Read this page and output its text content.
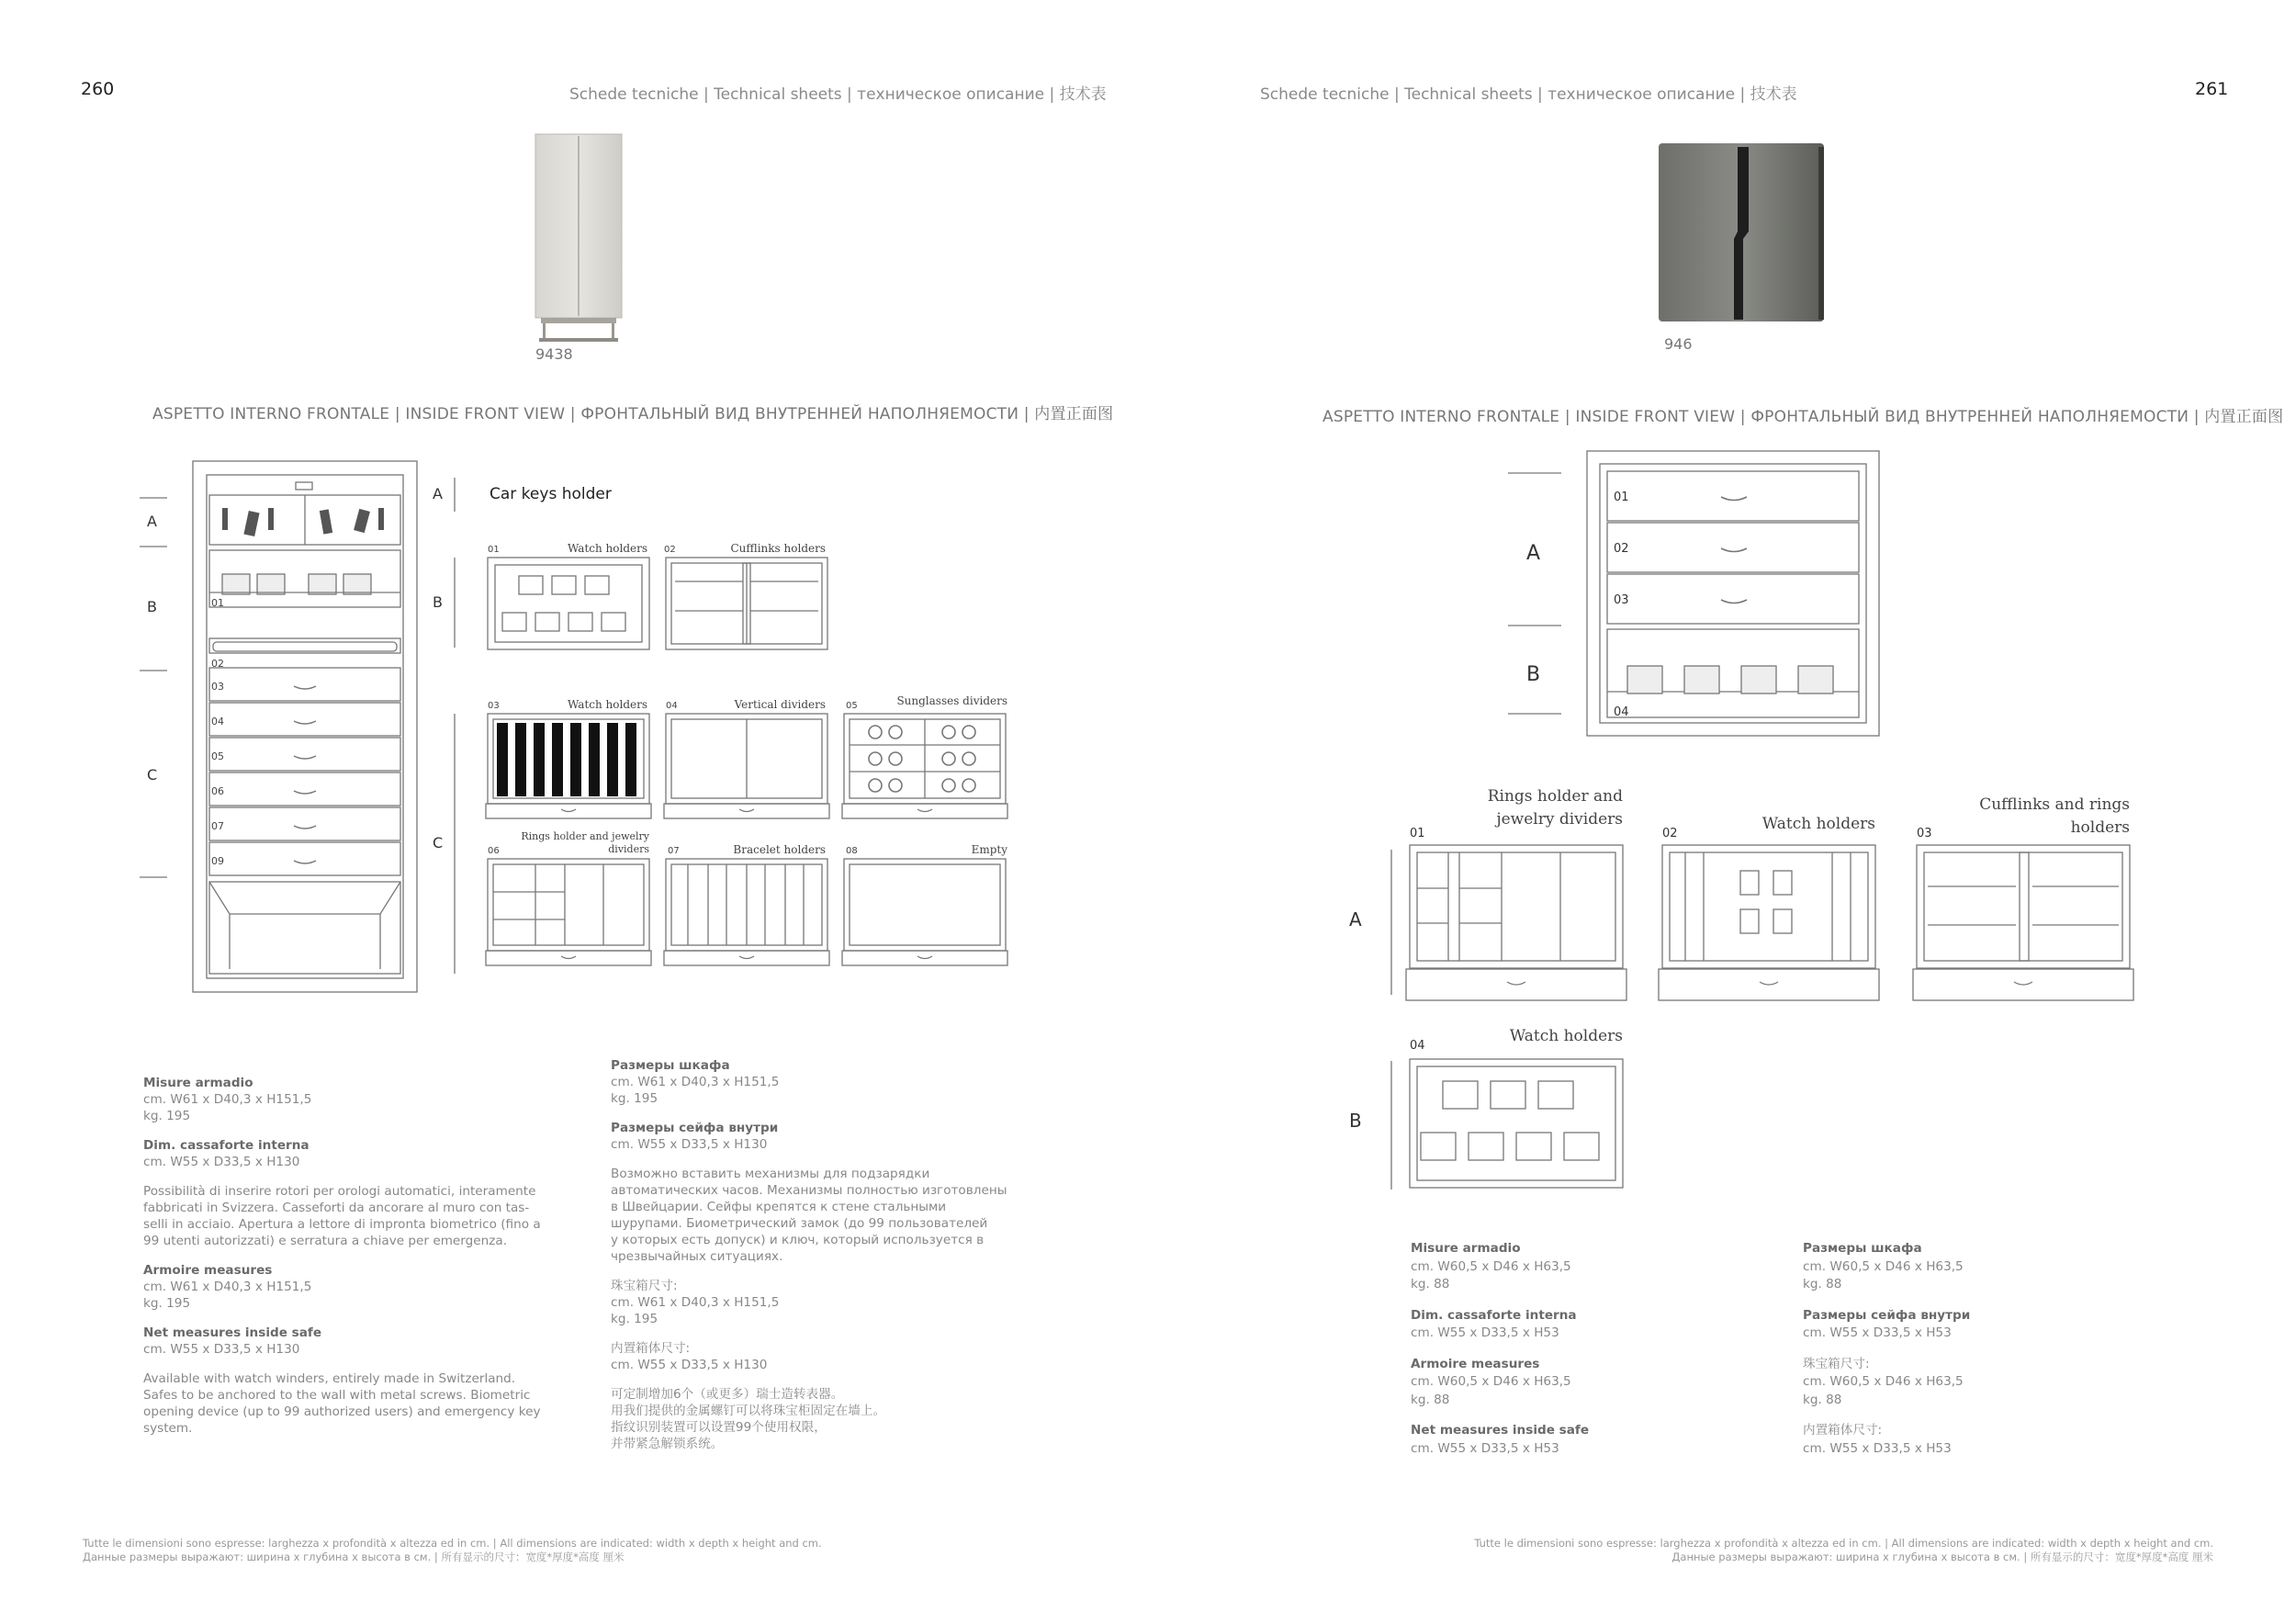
260	Schede tecniche | Technical sheets | техническое описание | 技术表
9438
ASPETTO INTERNO FRONTALE | INSIDE FRONT VIEW | ФРОНТАЛЬНЫЙ ВИД ВНУТРЕННЕЙ НАПОЛНЯЕМОСТИ | 内置正面图
A
B
C
01
02
03
04
05
06
07
09
A	Car keys holder
B
C
01	Watch holders 02	Cufflinks holders
03	Watch holders 04	Vertical dividers 05	Sunglasses dividers
06
Rings holder and jewelry dividers 07	Bracelet holders 08	Empty

Misure armadio
cm. W61 x D40,3 x H151,5
kg. 195

Dim. cassaforte interna
cm. W55 x D33,5 x H130

Possibilità di inserire rotori per orologi automatici, interamente
fabbricati in Svizzera. Casseforti da ancorare al muro con tas-
selli in acciaio. Apertura a lettore di impronta biometrico (fino a
99 utenti autorizzati) e serratura a chiave per emergenza.

Armoire measures
cm. W61 x D40,3 x H151,5
kg. 195

Net measures inside safe
cm. W55 x D33,5 x H130

Available with watch winders, entirely made in Switzerland.
Safes to be anchored to the wall with metal screws. Biometric
opening device (up to 99 authorized users) and emergency key
system.

Размеры шкафа
cm. W61 x D40,3 x H151,5
kg. 195

Размеры сейфа внутри
cm. W55 x D33,5 x H130

Возможно вставить механизмы для подзарядки
автоматических часов. Механизмы полностью изготовлены
в Швейцарии. Сейфы крепятся к стене стальными
шурупами. Биометрический замок (до 99 пользователей
у которых есть допуск) и ключ, который используется в
чрезвычайных ситуациях.

珠宝箱尺寸:
cm. W61 x D40,3 x H151,5
kg. 195

内置箱体尺寸:
cm. W55 x D33,5 x H130

可定制增加6个（或更多）瑞士造转表器。
用我们提供的金属螺钉可以将珠宝柜固定在墙上。
指纹识别装置可以设置99个使用权限，
并带紧急解锁系统。

Tutte le dimensioni sono espresse: larghezza x profondità x altezza ed in cm. | All dimensions are indicated: width x depth x height and cm.
Данные размеры выражают: ширина x глубина x высота в см. | 所有显示的尺寸：宽度*厚度*高度 厘米
261
Schede tecniche | Technical sheets | техническое описание | 技术表
946
ASPETTO INTERNO FRONTALE | INSIDE FRONT VIEW | ФРОНТАЛЬНЫЙ ВИД ВНУТРЕННЕЙ НАПОЛНЯЕМОСТИ | 内置正面图
A
B
01
02
03
04
A
B
01
Rings holder and jewelry dividers
02
Watch holders
03
Cufflinks and rings holders
04
Watch holders

Misure armadio
cm. W60,5 x D46 x H63,5
kg. 88

Dim. cassaforte interna
cm. W55 x D33,5 x H53

Armoire measures
cm. W60,5 x D46 x H63,5
kg. 88

Net measures inside safe
cm. W55 x D33,5 x H53

Размеры шкафа
cm. W60,5 x D46 x H63,5
kg. 88

Размеры сейфа внутри
cm. W55 x D33,5 x H53

珠宝箱尺寸:
cm. W60,5 x D46 x H63,5
kg. 88

内置箱体尺寸:
cm. W55 x D33,5 x H53

Tutte le dimensioni sono espresse: larghezza x profondità x altezza ed in cm. | All dimensions are indicated: width x depth x height and cm.
Данные размеры выражают: ширина x глубина x высота в см. | 所有显示的尺寸：宽度*厚度*高度 厘米
